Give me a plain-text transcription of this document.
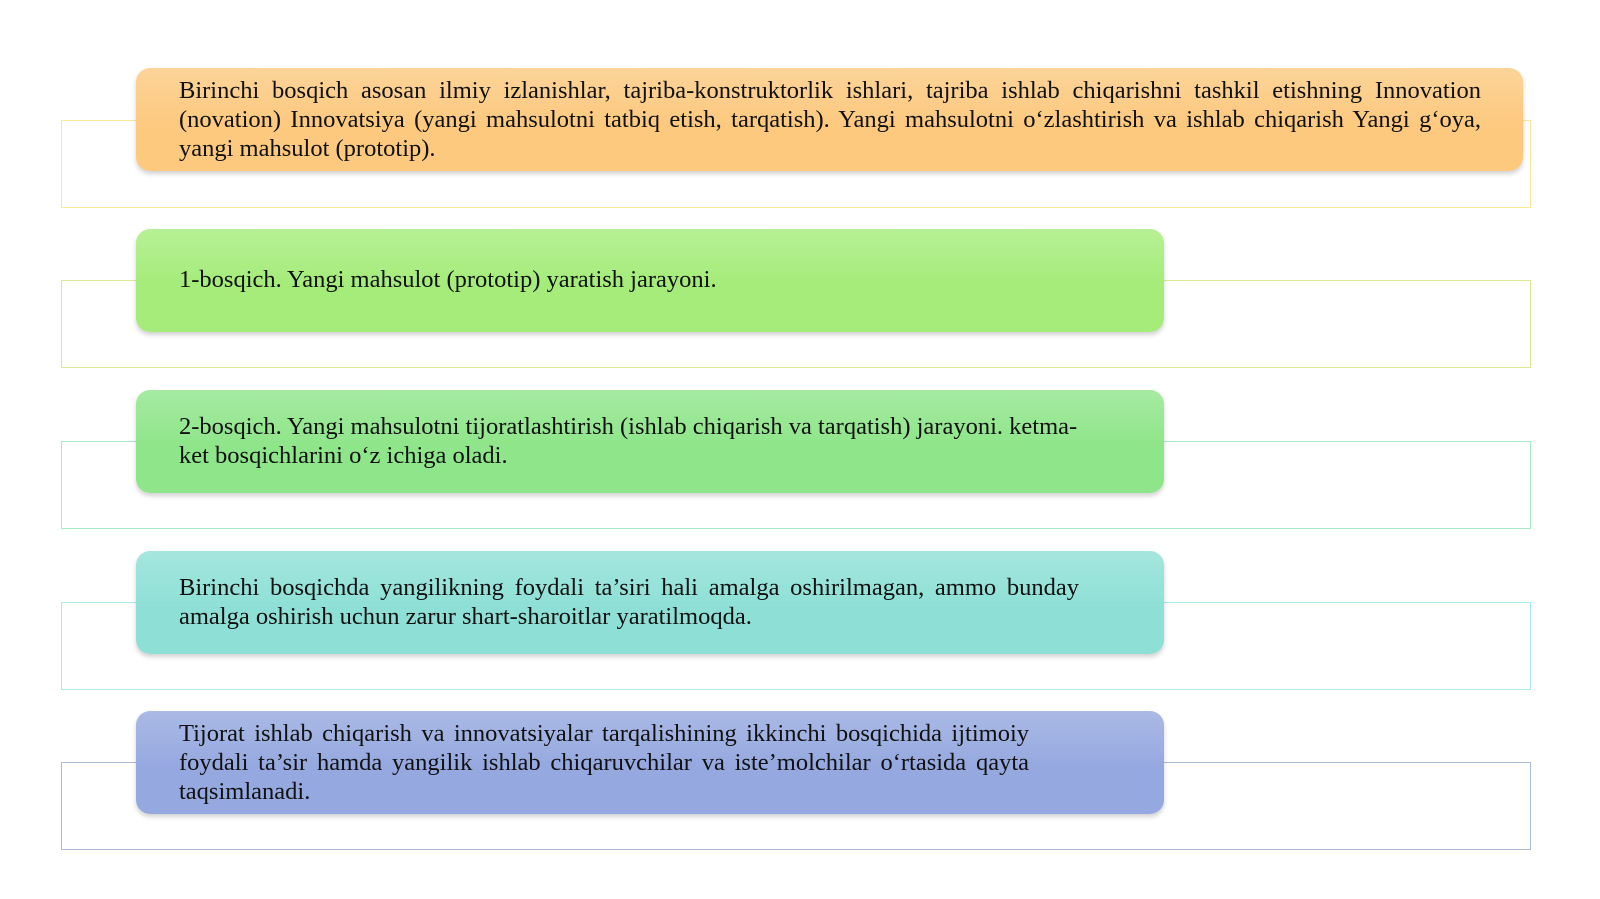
Birinchi bosqich asosan ilmiy izlanishlar, tajriba-konstruktorlik ishlari, tajriba ishlab chiqarishni tashkil etishning Innovation (novation) Innovatsiya (yangi mahsulotni tatbiq etish, tarqatish). Yangi mahsulotni o‘zlashtirish va ishlab chiqarish Yangi g‘oya, yangi mahsulot (prototip).

1-bosqich. Yangi mahsulot (prototip) yaratish jarayoni.

2-bosqich. Yangi mahsulotni tijoratlashtirish (ishlab chiqarish va tarqatish) jarayoni. ketma-ket bosqichlarini o‘z ichiga oladi.

Birinchi bosqichda yangilikning foydali ta’siri hali amalga oshirilmagan, ammo bunday amalga oshirish uchun zarur shart-sharoitlar yaratilmoqda.

Tijorat ishlab chiqarish va innovatsiyalar tarqalishining ikkinchi bosqichida ijtimoiy foydali ta’sir hamda yangilik ishlab chiqaruvchilar va iste’molchilar o‘rtasida qayta taqsimlanadi.
